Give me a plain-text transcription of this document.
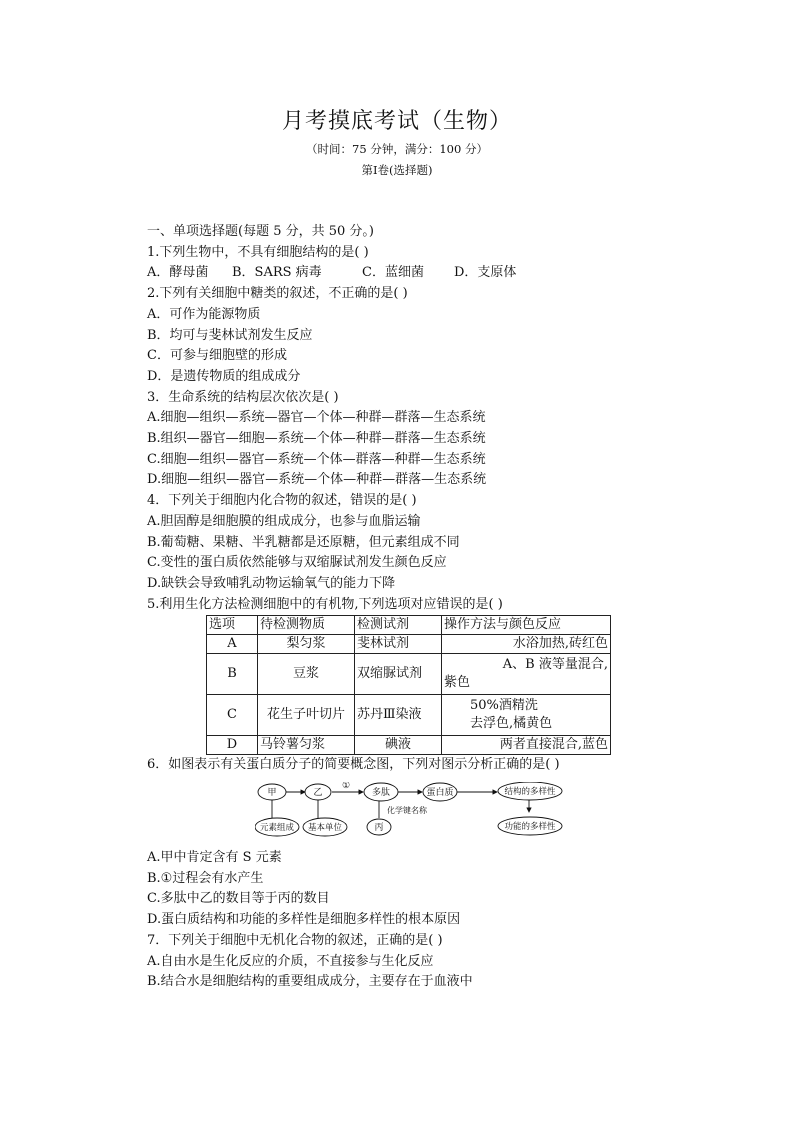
月考摸底考试（生物）
（时间：75 分钟，满分：100 分）
第Ⅰ卷(选择题)
一、单项选择题(每题 5 分，共 50 分。)
1.下列生物中，不具有细胞结构的是( )
A．酵母菌 B．SARS 病毒	C．蓝细菌 D．支原体
2.下列有关细胞中糖类的叙述，不正确的是( )
A．可作为能源物质
B．均可与斐林试剂发生反应
C．可参与细胞壁的形成
D．是遗传物质的组成成分
3．生命系统的结构层次依次是( )
A.细胞—组织—系统—器官—个体—种群—群落—生态系统
B.组织—器官—细胞—系统—个体—种群—群落—生态系统
C.细胞—组织—器官—系统—个体—群落—种群—生态系统
D.细胞—组织—器官—系统—个体—种群—群落—生态系统
4．下列关于细胞内化合物的叙述，错误的是( )
A.胆固醇是细胞膜的组成成分，也参与血脂运输
B.葡萄糖、果糖、半乳糖都是还原糖，但元素组成不同
C.变性的蛋白质依然能够与双缩脲试剂发生颜色反应
D.缺铁会导致哺乳动物运输氧气的能力下降
5.利用生化方法检测细胞中的有机物,下列选项对应错误的是( )
选项	待检测物质	检测试剂	操作方法与颜色反应
A	梨匀浆	斐林试剂	水浴加热,砖红色
B	豆浆	双缩脲试剂	A、B 液等量混合,
紫色

C	花生子叶切片	苏丹Ⅲ染液	50%酒精洗
去浮色,橘黄色

D	马铃薯匀浆	碘液	两者直接混合,蓝色
6．如图表示有关蛋白质分子的简要概念图，下列对图示分析正确的是( )
甲	乙	多肽	蛋白质	结构的多样性
元素组成 基本单位	丙	功能的多样性
①
化学键名称
A.甲中肯定含有 S 元素
B.①过程会有水产生
C.多肽中乙的数目等于丙的数目
D.蛋白质结构和功能的多样性是细胞多样性的根本原因
7．下列关于细胞中无机化合物的叙述，正确的是( )
A.自由水是生化反应的介质，不直接参与生化反应
B.结合水是细胞结构的重要组成成分，主要存在于血液中
